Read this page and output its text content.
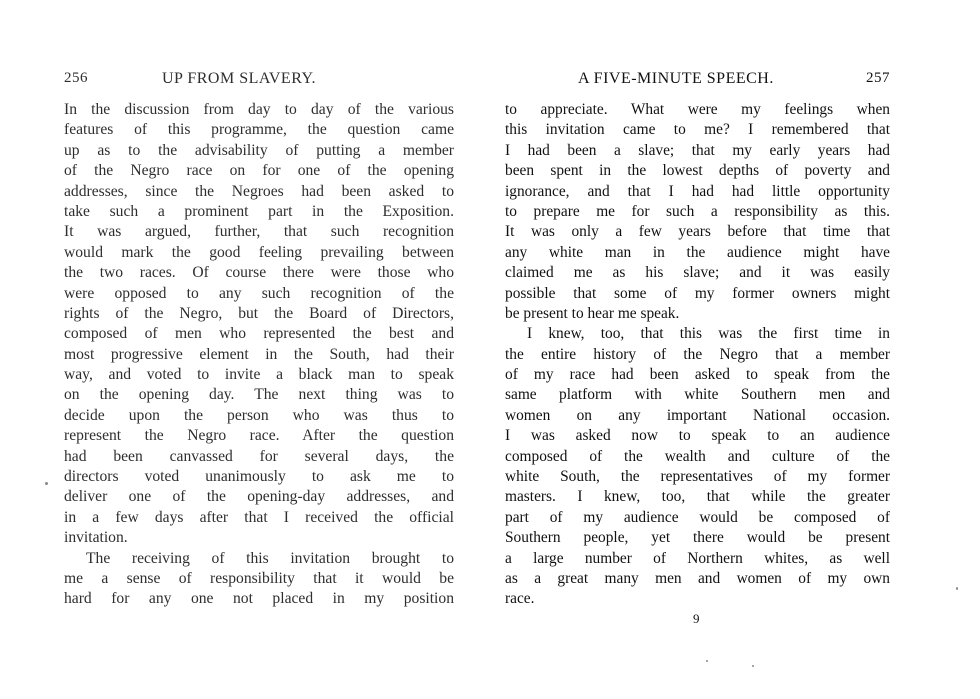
256	UP FROM SLAVERY.
In the discussion from day to day of the various
features of this programme, the question came
up as to the advisability of putting a member
of the Negro race on for one of the opening
addresses, since the Negroes had been asked to
take such a prominent part in the Exposition.
It was argued, further, that such recognition
would mark the good feeling prevailing between
the two races. Of course there were those who
were opposed to any such recognition of the
rights of the Negro, but the Board of Directors,
composed of men who represented the best and
most progressive element in the South, had their
way, and voted to invite a black man to speak
on the opening day. The next thing was to
decide upon the person who was thus to
represent the Negro race. After the question
had been canvassed for several days, the
directors voted unanimously to ask me to
deliver one of the opening-day addresses, and
in a few days after that I received the official
invitation.
The receiving of this invitation brought to
me a sense of responsibility that it would be
hard for any one not placed in my position
A FIVE-MINUTE SPEECH.	257
to appreciate. What were my feelings when
this invitation came to me? I remembered that
I had been a slave; that my early years had
been spent in the lowest depths of poverty and
ignorance, and that I had had little opportunity
to prepare me for such a responsibility as this.
It was only a few years before that time that
any white man in the audience might have
claimed me as his slave; and it was easily
possible that some of my former owners might
be present to hear me speak.
I knew, too, that this was the first time in
the entire history of the Negro that a member
of my race had been asked to speak from the
same platform with white Southern men and
women on any important National occasion.
I was asked now to speak to an audience
composed of the wealth and culture of the
white South, the representatives of my former
masters. I knew, too, that while the greater
part of my audience would be composed of
Southern people, yet there would be present
a large number of Northern whites, as well
as a great many men and women of my own
race.
9
